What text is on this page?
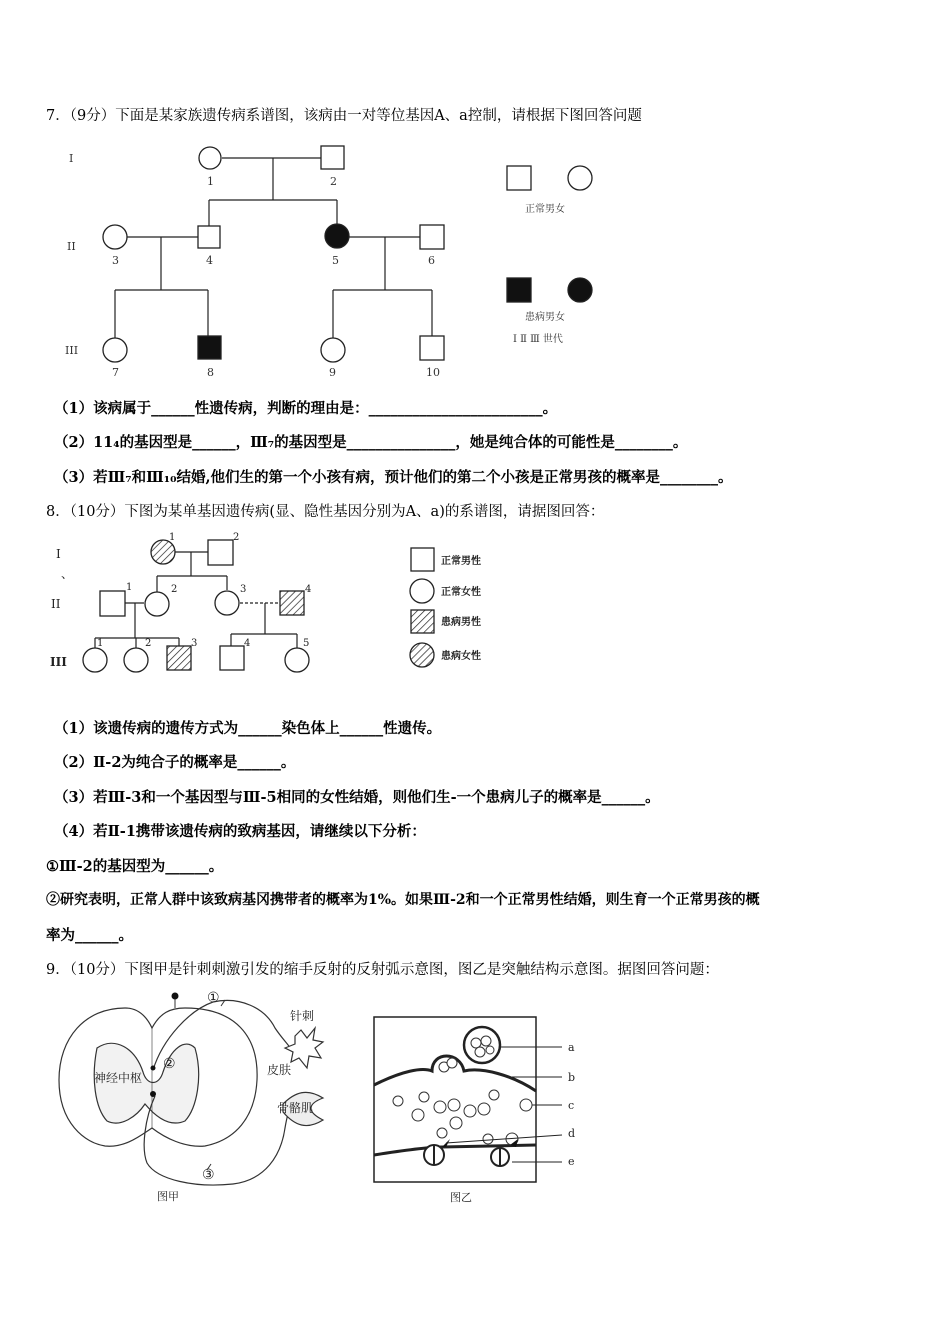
7．（9分）下面是某家族遗传病系谱图，该病由一对等位基因A、a控制，请根据下图回答问题
I
II
III
1	2
3	4	5	6
7	8	9	10
正常男女
患病男女
Ⅰ Ⅱ Ⅲ 世代
（1）该病属于______性遗传病，判断的理由是：________________________。
（2）11₄的基因型是______，Ⅲ₇的基因型是_______________，她是纯合体的可能性是________。
（3）若Ⅲ₇和Ⅲ₁₀结婚,他们生的第一个小孩有病，预计他们的第二个小孩是正常男孩的概率是________。
8．（10分）下图为某单基因遗传病(显、隐性基因分别为A、a)的系谱图，请据图回答：
I
、
II
III
1	2
1	2	3	4
1	2	3	4	5
正常男性
正常女性
患病男性
患病女性
（1）该遗传病的遗传方式为______染色体上______性遗传。
（2）Ⅱ-2为纯合子的概率是______。
（3）若Ⅲ-3和一个基因型与Ⅲ-5相同的女性结婚，则他们生-一个患病儿子的概率是______。
（4）若Ⅱ-1携带该遗传病的致病基因，请继续以下分析：
①Ⅲ-2的基因型为______。
②研究表明，正常人群中该致病基冈携带者的概率为1%。如果Ⅲ-2和一个正常男性结婚，则生育一个正常男孩的概
率为______。
9．（10分）下图甲是针刺刺激引发的缩手反射的反射弧示意图，图乙是突触结构示意图。据图回答问题：
①
②
③
针刺
皮肤
骨骼肌
神经中枢
图甲
a
b
c
d
e
图乙
